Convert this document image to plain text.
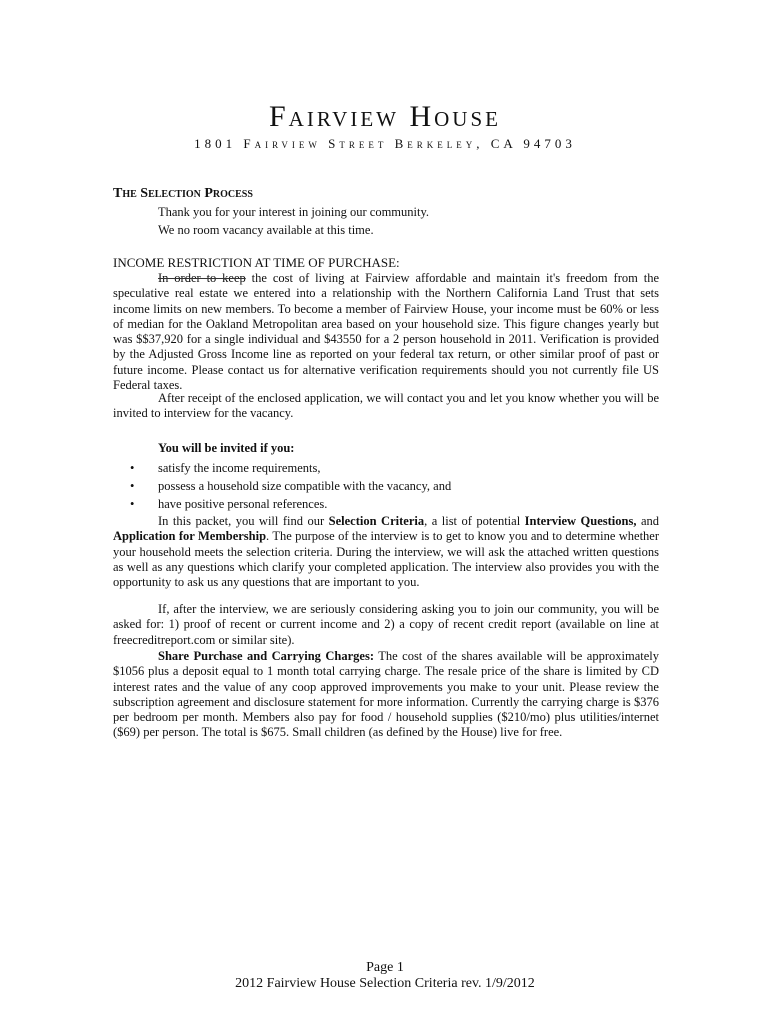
Fairview House
1801 Fairview Street Berkeley, CA 94703
The Selection Process
Thank you for your interest in joining our community.
We no room vacancy available at this time.
INCOME RESTRICTION AT TIME OF PURCHASE:
In order to keep the cost of living at Fairview affordable and maintain it's freedom from the speculative real estate we entered into a relationship with the Northern California Land Trust that sets income limits on new members. To become a member of Fairview House, your income must be 60% or less of median for the Oakland Metropolitan area based on your household size. This figure changes yearly but was $$37,920 for a single individual and $43550 for a 2 person household in 2011. Verification is provided by the Adjusted Gross Income line as reported on your federal tax return, or other similar proof of past or future income. Please contact us for alternative verification requirements should you not currently file US Federal taxes.
After receipt of the enclosed application, we will contact you and let you know whether you will be invited to interview for the vacancy.
You will be invited if you:
• satisfy the income requirements,
• possess a household size compatible with the vacancy, and
• have positive personal references.
In this packet, you will find our Selection Criteria, a list of potential Interview Questions, and Application for Membership. The purpose of the interview is to get to know you and to determine whether your household meets the selection criteria. During the interview, we will ask the attached written questions as well as any questions which clarify your completed application. The interview also provides you with the opportunity to ask us any questions that are important to you.
If, after the interview, we are seriously considering asking you to join our community, you will be asked for: 1) proof of recent or current income and 2) a copy of recent credit report (available on line at freecreditreport.com or similar site).
Share Purchase and Carrying Charges: The cost of the shares available will be approximately $1056 plus a deposit equal to 1 month total carrying charge. The resale price of the share is limited by CD interest rates and the value of any coop approved improvements you make to your unit. Please review the subscription agreement and disclosure statement for more information. Currently the carrying charge is $376 per bedroom per month. Members also pay for food / household supplies ($210/mo) plus utilities/internet ($69) per person. The total is $675. Small children (as defined by the House) live for free.
Page 1
2012 Fairview House Selection Criteria rev. 1/9/2012
